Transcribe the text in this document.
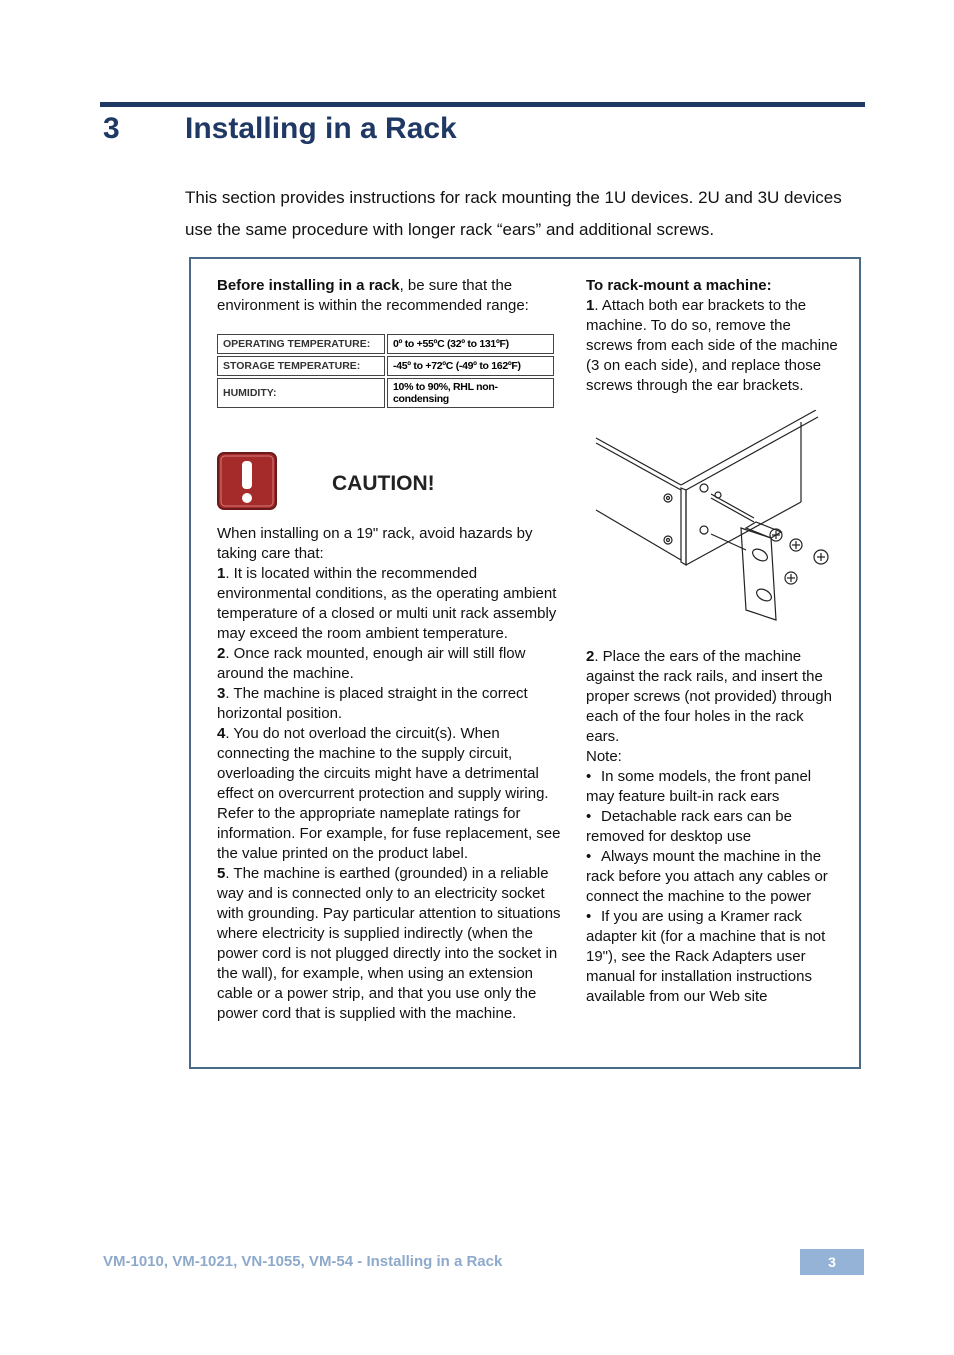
3 Installing in a Rack
This section provides instructions for rack mounting the 1U devices. 2U and 3U devices use the same procedure with longer rack “ears” and additional screws.

Before installing in a rack, be sure that the environment is within the recommended range:

OPERATING TEMPERATURE:	0º to +55ºC (32º to 131ºF)
STORAGE TEMPERATURE:	-45º to +72ºC (-49º to 162ºF)
HUMIDITY:	10% to 90%, RHL non-condensing
CAUTION!

When installing on a 19" rack, avoid hazards by taking care that:

1. It is located within the recommended environmental conditions, as the operating ambient temperature of a closed or multi unit rack assembly may exceed the room ambient temperature.

2. Once rack mounted, enough air will still flow around the machine.

3. The machine is placed straight in the correct horizontal position.

4. You do not overload the circuit(s). When connecting the machine to the supply circuit, overloading the circuits might have a detrimental effect on overcurrent protection and supply wiring. Refer to the appropriate nameplate ratings for information. For example, for fuse replacement, see the value printed on the product label.

5. The machine is earthed (grounded) in a reliable way and is connected only to an electricity socket with grounding. Pay particular attention to situations where electricity is supplied indirectly (when the power cord is not plugged directly into the socket in the wall), for example, when using an extension cable or a power strip, and that you use only the power cord that is supplied with the machine.

To rack-mount a machine:

1. Attach both ear brackets to the machine. To do so, remove the screws from each side of the machine (3 on each side), and replace those screws through the ear brackets.

2. Place the ears of the machine against the rack rails, and insert the proper screws (not provided) through each of the four holes in the rack ears.

Note:

• In some models, the front panel may feature built-in rack ears

• Detachable rack ears can be removed for desktop use

• Always mount the machine in the rack before you attach any cables or connect the machine to the power

• If you are using a Kramer rack adapter kit (for a machine that is not 19"), see the Rack Adapters user manual for installation instructions available from our Web site

VM-1010, VM-1021, VN-1055, VM-54 - Installing in a Rack	3
